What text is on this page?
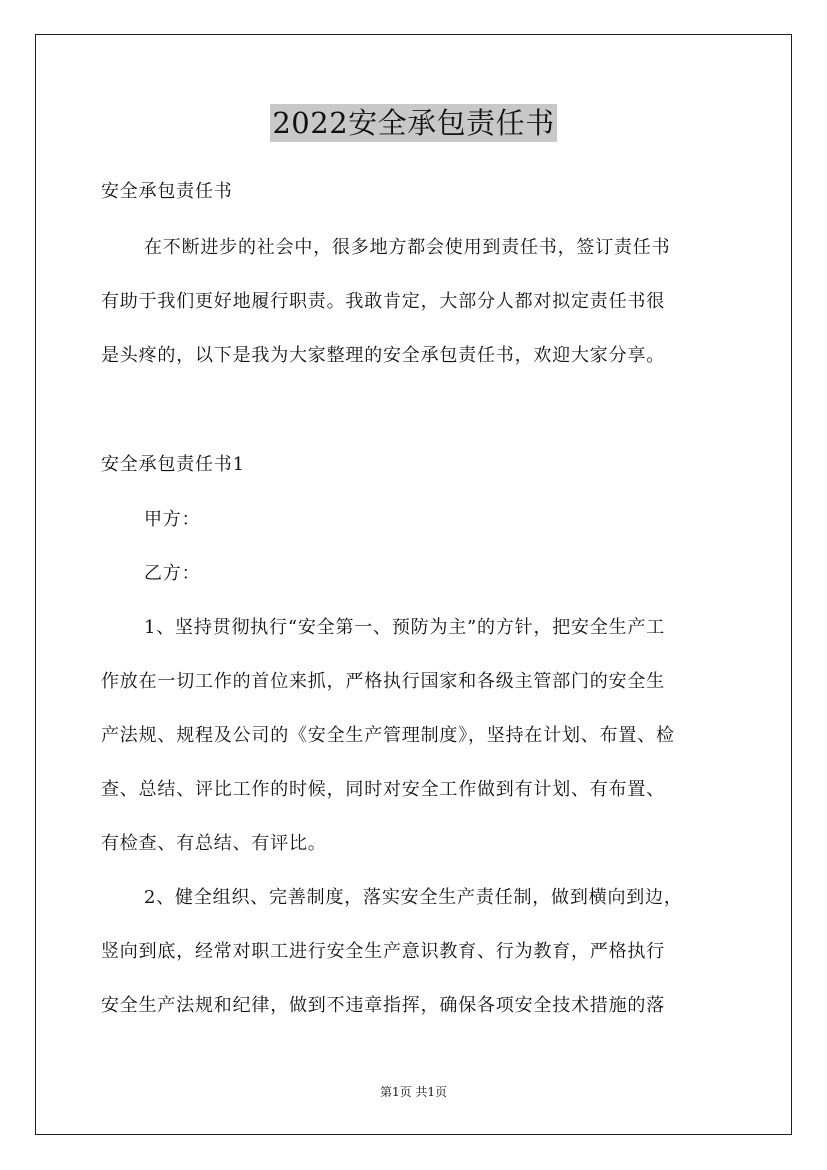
2022安全承包责任书
安全承包责任书
在不断进步的社会中，很多地方都会使用到责任书，签订责任书
有助于我们更好地履行职责。我敢肯定，大部分人都对拟定责任书很
是头疼的，以下是我为大家整理的安全承包责任书，欢迎大家分享。
安全承包责任书1
甲方：
乙方：
1、坚持贯彻执行“安全第一、预防为主”的方针，把安全生产工
作放在一切工作的首位来抓，严格执行国家和各级主管部门的安全生
产法规、规程及公司的《安全生产管理制度》，坚持在计划、布置、检
查、总结、评比工作的时候，同时对安全工作做到有计划、有布置、
有检查、有总结、有评比。
2、健全组织、完善制度，落实安全生产责任制，做到横向到边，
竖向到底，经常对职工进行安全生产意识教育、行为教育，严格执行
安全生产法规和纪律，做到不违章指挥，确保各项安全技术措施的落
第1页 共1页
